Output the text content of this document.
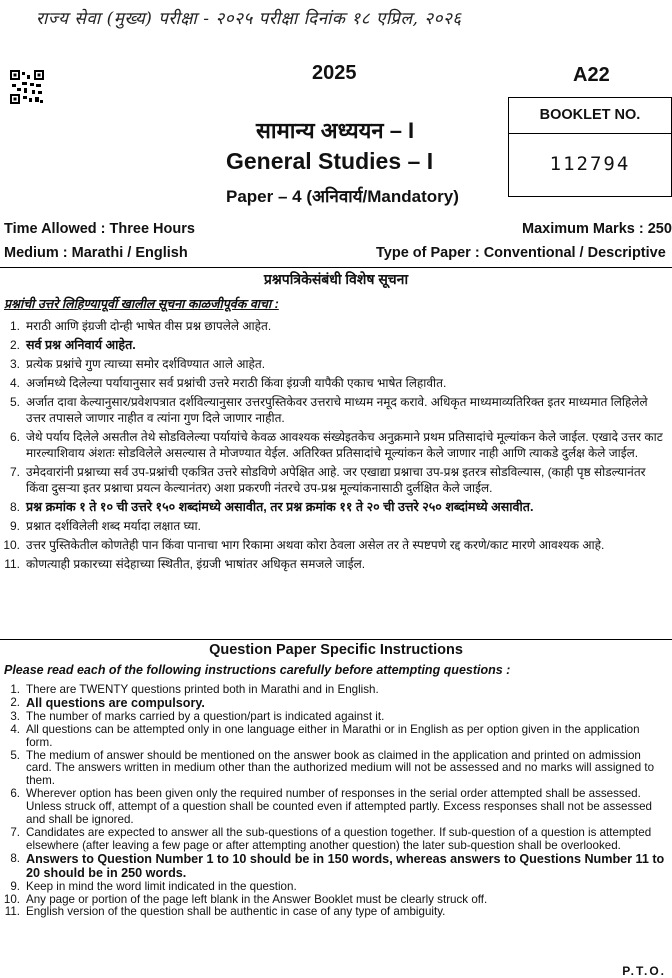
राज्य सेवा (मुख्य) परीक्षा - २०२५ परीक्षा दिनांक १८ एप्रिल, २०२६
2025	A22
BOOKLET NO.
112794
सामान्य अध्ययन – I
General Studies – I
Paper – 4 (अनिवार्य/Mandatory)
Time Allowed : Three Hours	Maximum Marks : 250
Medium : Marathi / English	Type of Paper : Conventional / Descriptive
प्रश्नपत्रिकेसंबंधी विशेष सूचना
प्रश्नांची उत्तरे लिहिण्यापूर्वी खालील सूचना काळजीपूर्वक वाचा :
1. मराठी आणि इंग्रजी दोन्ही भाषेत वीस प्रश्न छापलेले आहेत.
2. सर्व प्रश्न अनिवार्य आहेत.
3. प्रत्येक प्रश्नांचे गुण त्याच्या समोर दर्शविण्यात आले आहेत.
4. अर्जामध्ये दिलेल्या पर्यायानुसार सर्व प्रश्नांची उत्तरे मराठी किंवा इंग्रजी यापैकी एकाच भाषेत लिहावीत.
5. अर्जात दावा केल्यानुसार/प्रवेशपत्रात दर्शविल्यानुसार उत्तरपुस्तिकेवर उत्तराचे माध्यम नमूद करावे. अधिकृत माध्यमाव्यतिरिक्त इतर माध्यमात लिहिलेले उत्तर तपासले जाणार नाहीत व त्यांना गुण दिले जाणार नाहीत.
6. जेथे पर्याय दिलेले असतील तेथे सोडविलेल्या पर्यायांचे केवळ आवश्यक संख्येइतकेच अनुक्रमाने प्रथम प्रतिसादांचे मूल्यांकन केले जाईल. एखादे उत्तर काट मारल्याशिवाय अंशतः सोडविलेले असल्यास ते मोजण्यात येईल. अतिरिक्त प्रतिसादांचे मूल्यांकन केले जाणार नाही आणि त्याकडे दुर्लक्ष केले जाईल.
7. उमेदवारांनी प्रश्नाच्या सर्व उप-प्रश्नांची एकत्रित उत्तरे सोडविणे अपेक्षित आहे. जर एखाद्या प्रश्नाचा उप-प्रश्न इतरत्र सोडविल्यास, (काही पृष्ठ सोडल्यानंतर किंवा दुसऱ्या इतर प्रश्नाचा प्रयत्न केल्यानंतर) अशा प्रकरणी नंतरचे उप-प्रश्न मूल्यांकनासाठी दुर्लक्षित केले जाईल.
8. प्रश्न क्रमांक १ ते १० ची उत्तरे १५० शब्दांमध्ये असावीत, तर प्रश्न क्रमांक ११ ते २० ची उत्तरे २५० शब्दांमध्ये असावीत.
9. प्रश्नात दर्शविलेली शब्द मर्यादा लक्षात घ्या.
10. उत्तर पुस्तिकेतील कोणतेही पान किंवा पानाचा भाग रिकामा अथवा कोरा ठेवला असेल तर ते स्पष्टपणे रद्द करणे/काट मारणे आवश्यक आहे.
11. कोणत्याही प्रकारच्या संदेहाच्या स्थितीत, इंग्रजी भाषांतर अधिकृत समजले जाईल.
Question Paper Specific Instructions
Please read each of the following instructions carefully before attempting questions :
1. There are TWENTY questions printed both in Marathi and in English.
2. All questions are compulsory.
3. The number of marks carried by a question/part is indicated against it.
4. All questions can be attempted only in one language either in Marathi or in English as per option given in the application form.
5. The medium of answer should be mentioned on the answer book as claimed in the application and printed on admission card. The answers written in medium other than the authorized medium will not be assessed and no marks will assigned to them.
6. Wherever option has been given only the required number of responses in the serial order attempted shall be assessed. Unless struck off, attempt of a question shall be counted even if attempted partly. Excess responses shall not be assessed and shall be ignored.
7. Candidates are expected to answer all the sub-questions of a question together. If sub-question of a question is attempted elsewhere (after leaving a few page or after attempting another question) the later sub-question shall be overlooked.
8. Answers to Question Number 1 to 10 should be in 150 words, whereas answers to Questions Number 11 to 20 should be in 250 words.
9. Keep in mind the word limit indicated in the question.
10. Any page or portion of the page left blank in the Answer Booklet must be clearly struck off.
11. English version of the question shall be authentic in case of any type of ambiguity.
P.T.O.
